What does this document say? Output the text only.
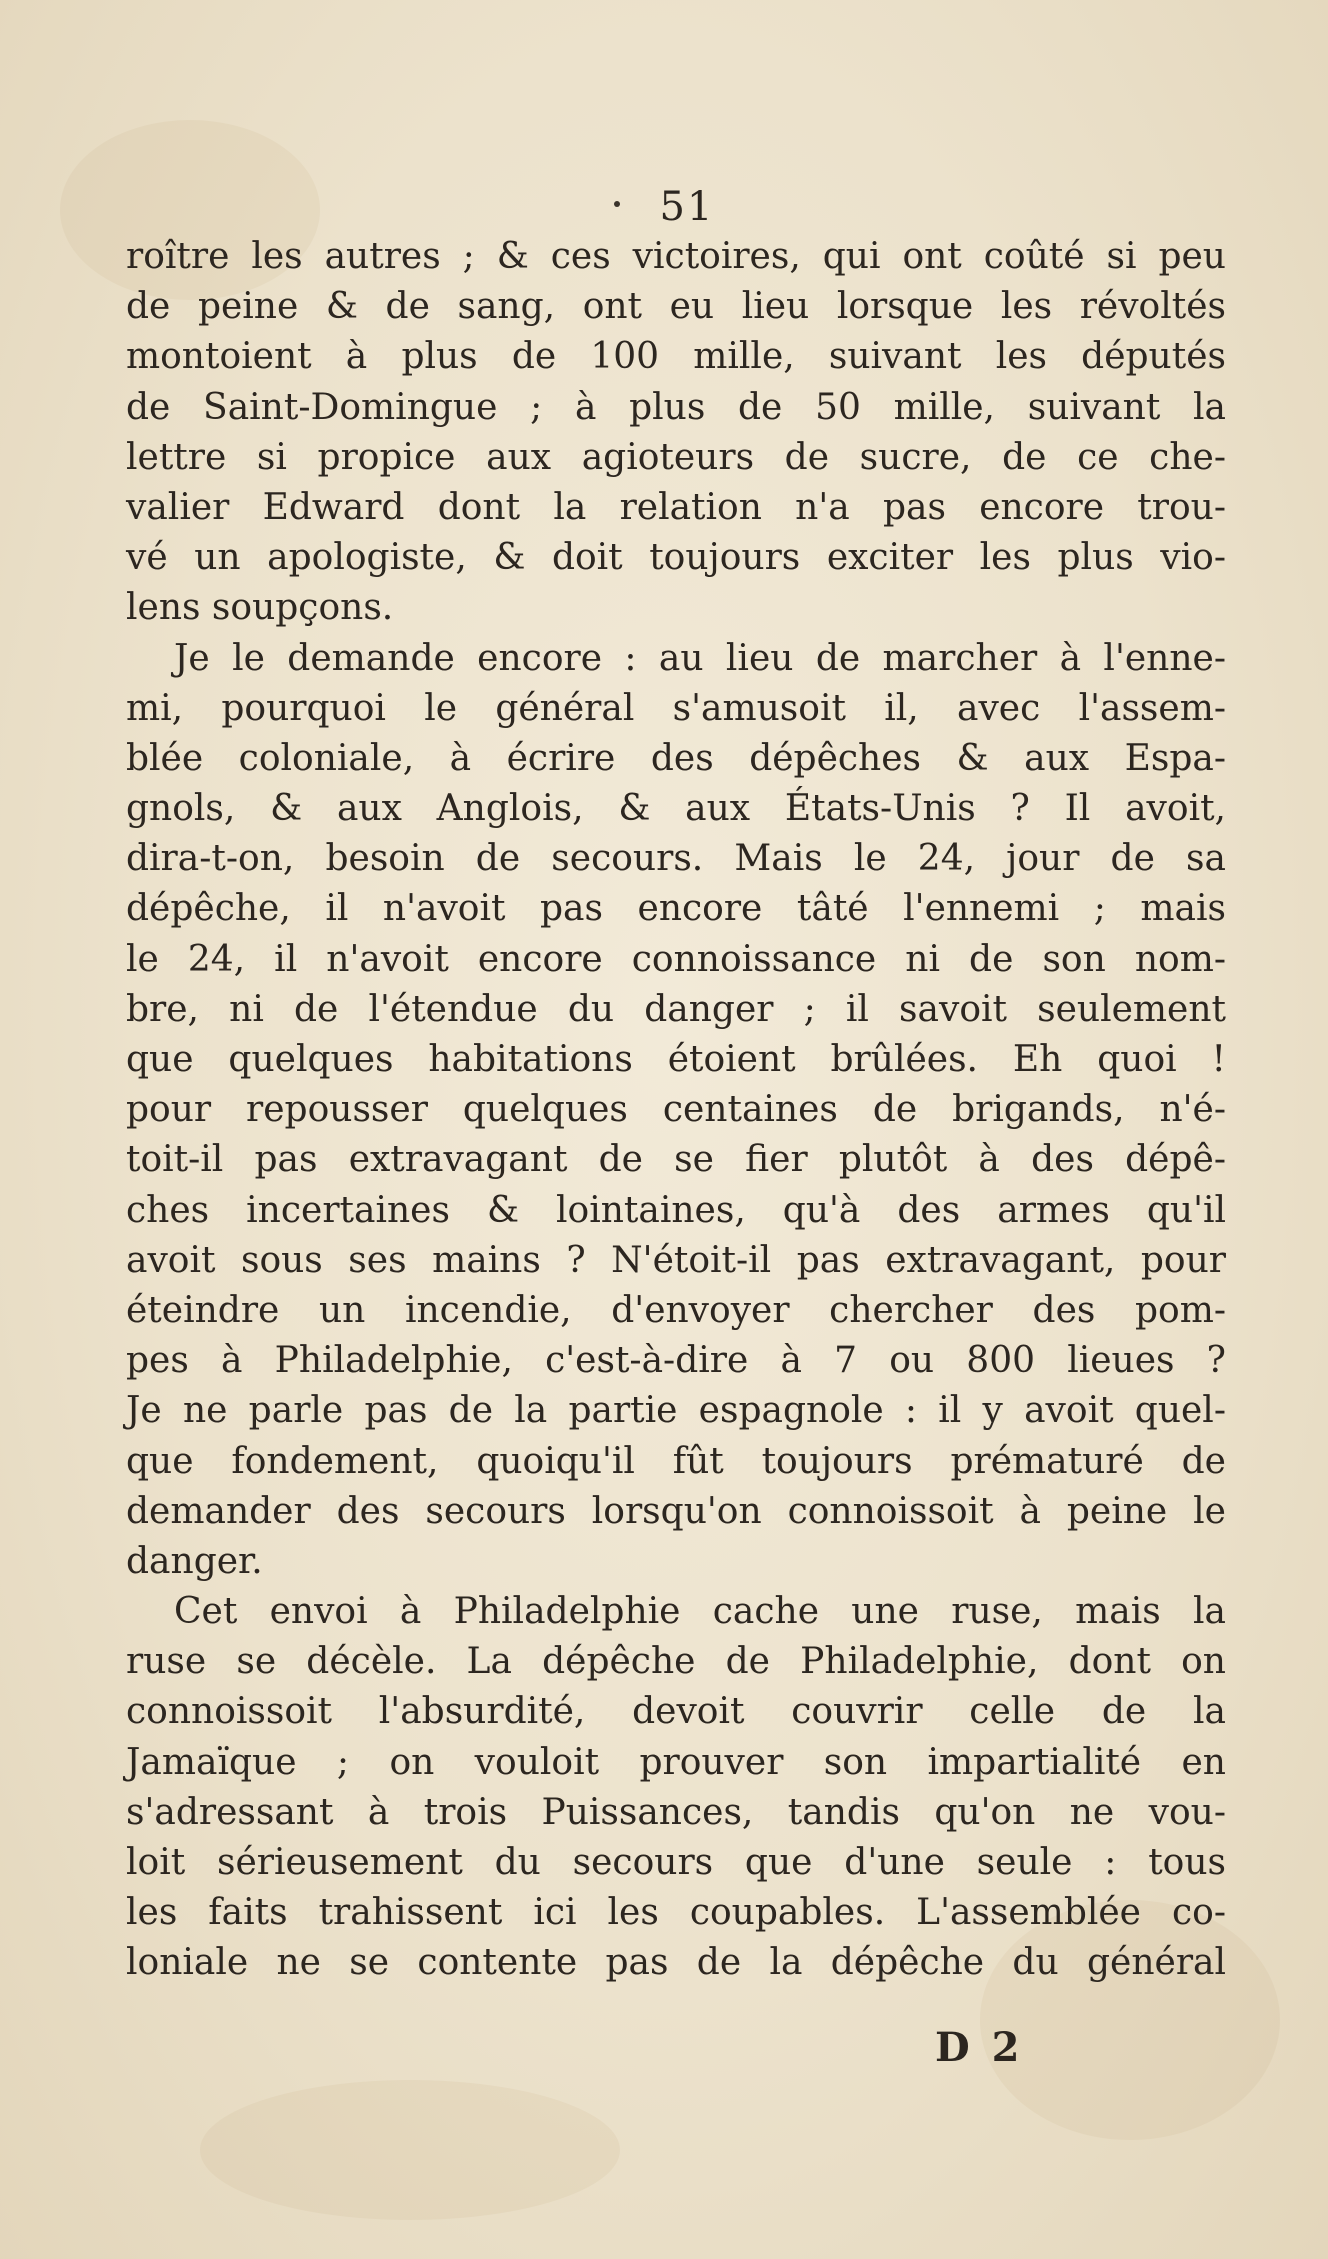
51
roître les autres ; & ces victoires, qui ont coûté si peu
de peine & de sang, ont eu lieu lorsque les révoltés
montoient à plus de 100 mille, suivant les députés
de Saint-Domingue ; à plus de 50 mille, suivant la
lettre si propice aux agioteurs de sucre, de ce che-
valier Edward dont la relation n'a pas encore trou-
vé un apologiste, & doit toujours exciter les plus vio-
lens soupçons.
Je le demande encore : au lieu de marcher à l'enne-
mi, pourquoi le général s'amusoit il, avec l'assem-
blée coloniale, à écrire des dépêches & aux Espa-
gnols, & aux Anglois, & aux États-Unis ? Il avoit,
dira-t-on, besoin de secours. Mais le 24, jour de sa
dépêche, il n'avoit pas encore tâté l'ennemi ; mais
le 24, il n'avoit encore connoissance ni de son nom-
bre, ni de l'étendue du danger ; il savoit seulement
que quelques habitations étoient brûlées. Eh quoi !
pour repousser quelques centaines de brigands, n'é-
toit-il pas extravagant de se fier plutôt à des dépê-
ches incertaines & lointaines, qu'à des armes qu'il
avoit sous ses mains ? N'étoit-il pas extravagant, pour
éteindre un incendie, d'envoyer chercher des pom-
pes à Philadelphie, c'est-à-dire à 7 ou 800 lieues ?
Je ne parle pas de la partie espagnole : il y avoit quel-
que fondement, quoiqu'il fût toujours prématuré de
demander des secours lorsqu'on connoissoit à peine le
danger.
Cet envoi à Philadelphie cache une ruse, mais la
ruse se décèle. La dépêche de Philadelphie, dont on
connoissoit l'absurdité, devoit couvrir celle de la
Jamaïque ; on vouloit prouver son impartialité en
s'adressant à trois Puissances, tandis qu'on ne vou-
loit sérieusement du secours que d'une seule : tous
les faits trahissent ici les coupables. L'assemblée co-
loniale ne se contente pas de la dépêche du général
D 2
